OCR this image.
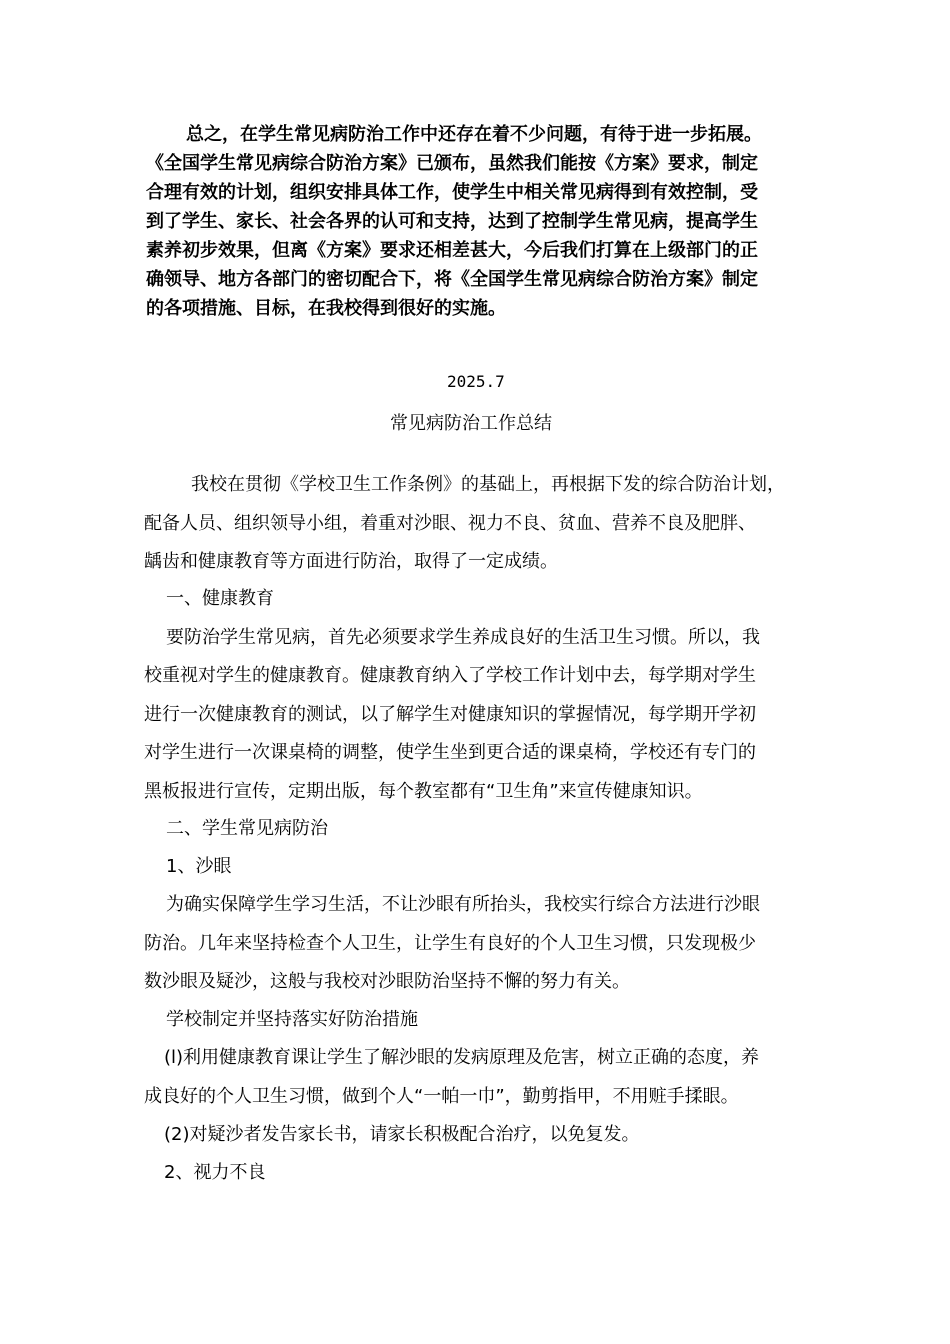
总之，在学生常见病防治工作中还存在着不少问题，有待于进一步拓展。
《全国学生常见病综合防治方案》已颁布，虽然我们能按《方案》要求，制定
合理有效的计划，组织安排具体工作，使学生中相关常见病得到有效控制，受
到了学生、家长、社会各界的认可和支持，达到了控制学生常见病，提高学生
素养初步效果，但离《方案》要求还相差甚大，今后我们打算在上级部门的正
确领导、地方各部门的密切配合下，将《全国学生常见病综合防治方案》制定
的各项措施、目标，在我校得到很好的实施。
2025.7
常见病防治工作总结
我校在贯彻《学校卫生工作条例》的基础上，再根据下发的综合防治计划，
配备人员、组织领导小组，着重对沙眼、视力不良、贫血、营养不良及肥胖、
龋齿和健康教育等方面进行防治，取得了一定成绩。
一、健康教育
要防治学生常见病，首先必须要求学生养成良好的生活卫生习惯。所以，我
校重视对学生的健康教育。健康教育纳入了学校工作计划中去，每学期对学生
进行一次健康教育的测试，以了解学生对健康知识的掌握情况，每学期开学初
对学生进行一次课桌椅的调整，使学生坐到更合适的课桌椅，学校还有专门的
黑板报进行宣传，定期出版，每个教室都有“卫生角”来宣传健康知识。
二、学生常见病防治
1、沙眼
为确实保障学生学习生活，不让沙眼有所抬头，我校实行综合方法进行沙眼
防治。几年来坚持检查个人卫生，让学生有良好的个人卫生习惯，只发现极少
数沙眼及疑沙，这般与我校对沙眼防治坚持不懈的努力有关。
学校制定并坚持落实好防治措施
(l)利用健康教育课让学生了解沙眼的发病原理及危害，树立正确的态度，养
成良好的个人卫生习惯，做到个人“一帕一巾”，勤剪指甲，不用赃手揉眼。
(2)对疑沙者发告家长书，请家长积极配合治疗，以免复发。
2、视力不良
